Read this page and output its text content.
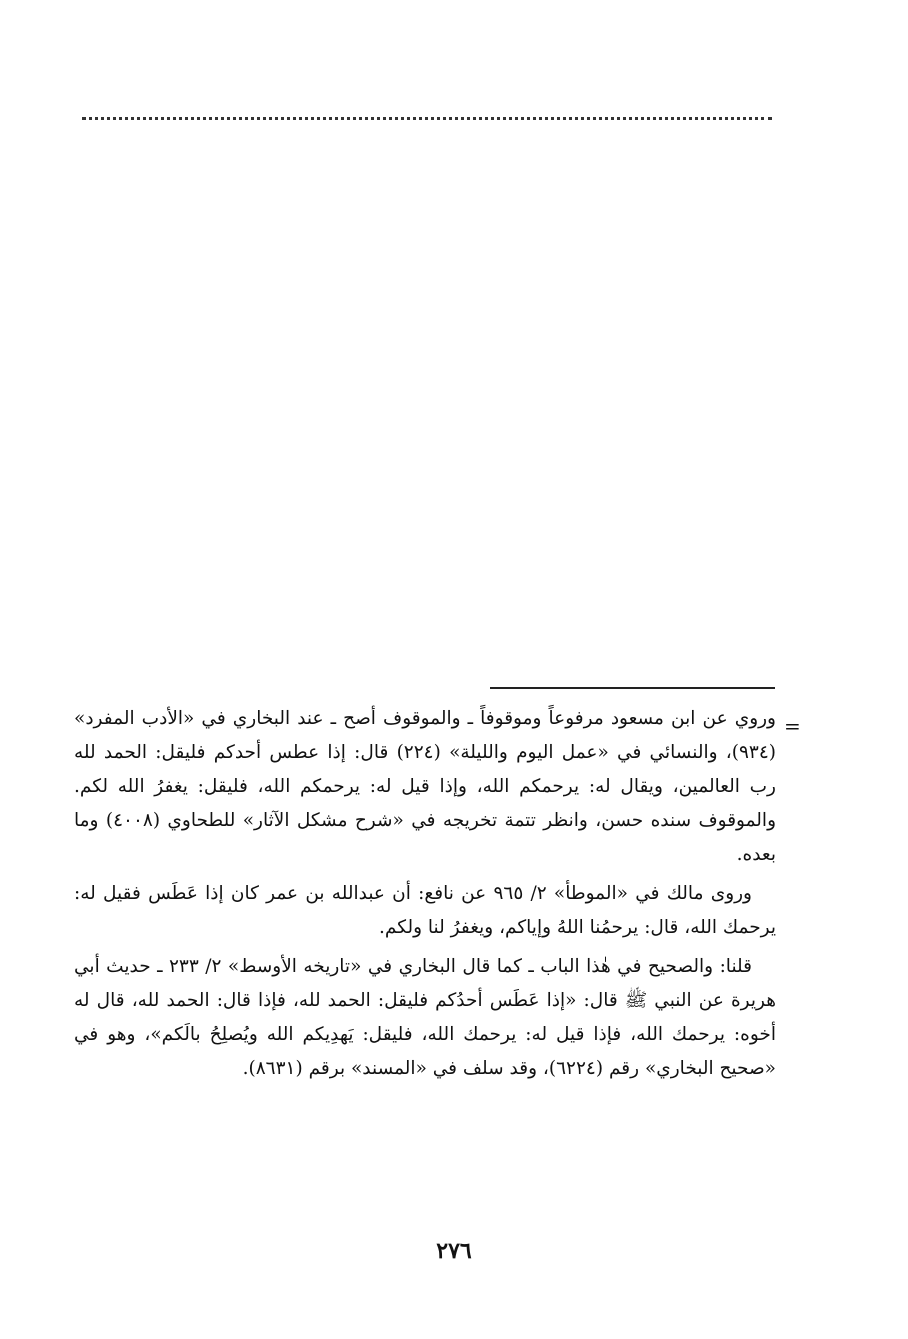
=

وروي عن ابن مسعود مرفوعاً وموقوفاً ـ والموقوف أصح ـ عند البخاري في «الأدب المفرد» (٩٣٤)، والنسائي في «عمل اليوم والليلة» (٢٢٤) قال: إذا عطس أحدكم فليقل: الحمد لله رب العالمين، ويقال له: يرحمكم الله، وإذا قيل له: يرحمكم الله، فليقل: يغفرُ الله لكم. والموقوف سنده حسن، وانظر تتمة تخريجه في «شرح مشكل الآثار» للطحاوي (٤٠٠٨) وما بعده.

وروى مالك في «الموطأ» ٢/ ٩٦٥ عن نافع: أن عبدالله بن عمر كان إذا عَطَس فقيل له: يرحمك الله، قال: يرحمُنا اللهُ وإياكم، ويغفرُ لنا ولكم.

قلنا: والصحيح في هٰذا الباب ـ كما قال البخاري في «تاريخه الأوسط» ٢/ ٢٣٣ ـ حديث أبي هريرة عن النبي ﷺ قال: «إذا عَطَس أحدُكم فليقل: الحمد لله، فإذا قال: الحمد لله، قال له أخوه: يرحمك الله، فإذا قيل له: يرحمك الله، فليقل: يَهدِيكم الله ويُصلِحُ بالَكم»، وهو في «صحيح البخاري» رقم (٦٢٢٤)، وقد سلف في «المسند» برقم (٨٦٣١).

٢٧٦
